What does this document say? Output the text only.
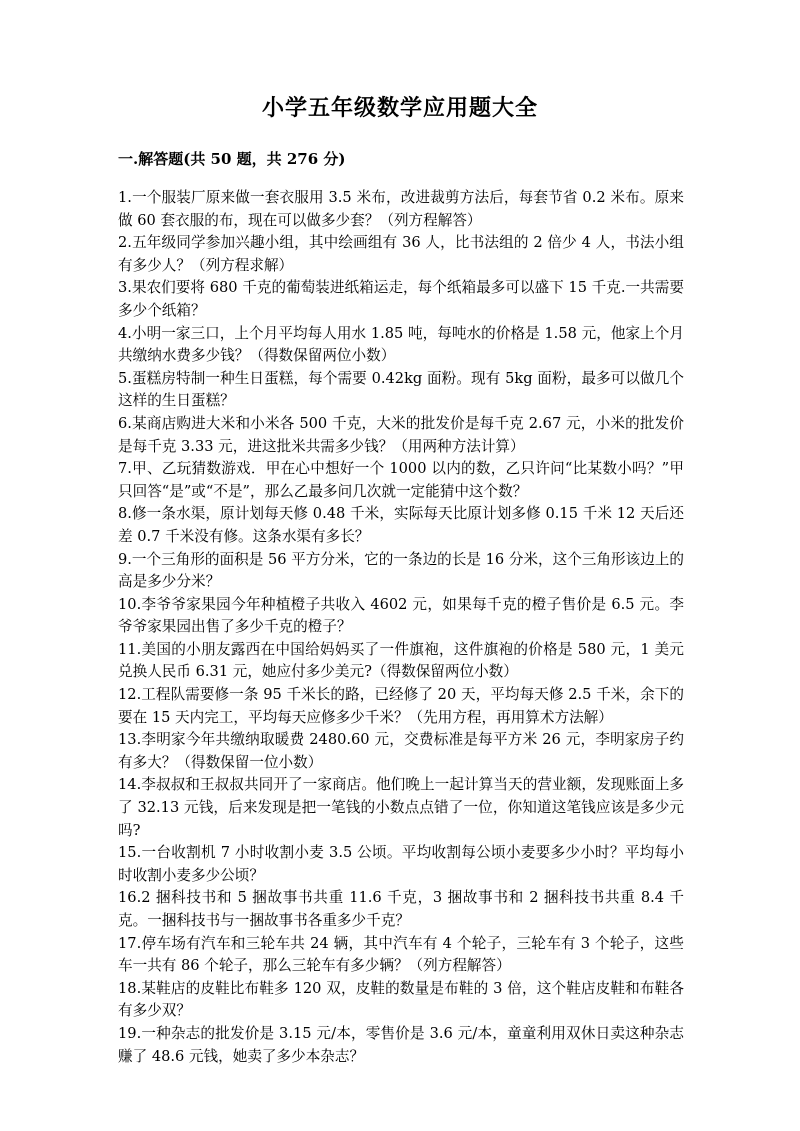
小学五年级数学应用题大全
一.解答题(共 50 题，共 276 分)
1.一个服装厂原来做一套衣服用 3.5 米布，改进裁剪方法后，每套节省 0.2 米布。原来做 60 套衣服的布，现在可以做多少套？（列方程解答）
2.五年级同学参加兴趣小组，其中绘画组有 36 人，比书法组的 2 倍少 4 人，书法小组有多少人？（列方程求解）
3.果农们要将 680 千克的葡萄装进纸箱运走，每个纸箱最多可以盛下 15 千克.一共需要多少个纸箱？
4.小明一家三口，上个月平均每人用水 1.85 吨，每吨水的价格是 1.58 元，他家上个月共缴纳水费多少钱？（得数保留两位小数）
5.蛋糕房特制一种生日蛋糕，每个需要 0.42kg 面粉。现有 5kg 面粉，最多可以做几个这样的生日蛋糕？
6.某商店购进大米和小米各 500 千克，大米的批发价是每千克 2.67 元，小米的批发价是每千克 3.33 元，进这批米共需多少钱？（用两种方法计算）
7.甲、乙玩猜数游戏．甲在心中想好一个 1000 以内的数，乙只许问“比某数小吗？”甲只回答“是”或“不是”，那么乙最多问几次就一定能猜中这个数？
8.修一条水渠，原计划每天修 0.48 千米，实际每天比原计划多修 0.15 千米 12 天后还差 0.7 千米没有修。这条水渠有多长？
9.一个三角形的面积是 56 平方分米，它的一条边的长是 16 分米，这个三角形该边上的高是多少分米？
10.李爷爷家果园今年种植橙子共收入 4602 元，如果每千克的橙子售价是 6.5 元。李爷爷家果园出售了多少千克的橙子？
11.美国的小朋友露西在中国给妈妈买了一件旗袍，这件旗袍的价格是 580 元，1 美元兑换人民币 6.31 元，她应付多少美元?（得数保留两位小数）
12.工程队需要修一条 95 千米长的路，已经修了 20 天，平均每天修 2.5 千米，余下的要在 15 天内完工，平均每天应修多少千米？（先用方程，再用算术方法解）
13.李明家今年共缴纳取暖费 2480.60 元，交费标准是每平方米 26 元，李明家房子约有多大？（得数保留一位小数）
14.李叔叔和王叔叔共同开了一家商店。他们晚上一起计算当天的营业额，发现账面上多了 32.13 元钱，后来发现是把一笔钱的小数点点错了一位，你知道这笔钱应该是多少元吗?
15.一台收割机 7 小时收割小麦 3.5 公顷。平均收割每公顷小麦要多少小时？平均每小时收割小麦多少公顷？
16.2 捆科技书和 5 捆故事书共重 11.6 千克，3 捆故事书和 2 捆科技书共重 8.4 千克。一捆科技书与一捆故事书各重多少千克？
17.停车场有汽车和三轮车共 24 辆，其中汽车有 4 个轮子，三轮车有 3 个轮子，这些车一共有 86 个轮子，那么三轮车有多少辆？（列方程解答）
18.某鞋店的皮鞋比布鞋多 120 双，皮鞋的数量是布鞋的 3 倍，这个鞋店皮鞋和布鞋各有多少双？
19.一种杂志的批发价是 3.15 元/本，零售价是 3.6 元/本，童童利用双休日卖这种杂志赚了 48.6 元钱，她卖了多少本杂志？
